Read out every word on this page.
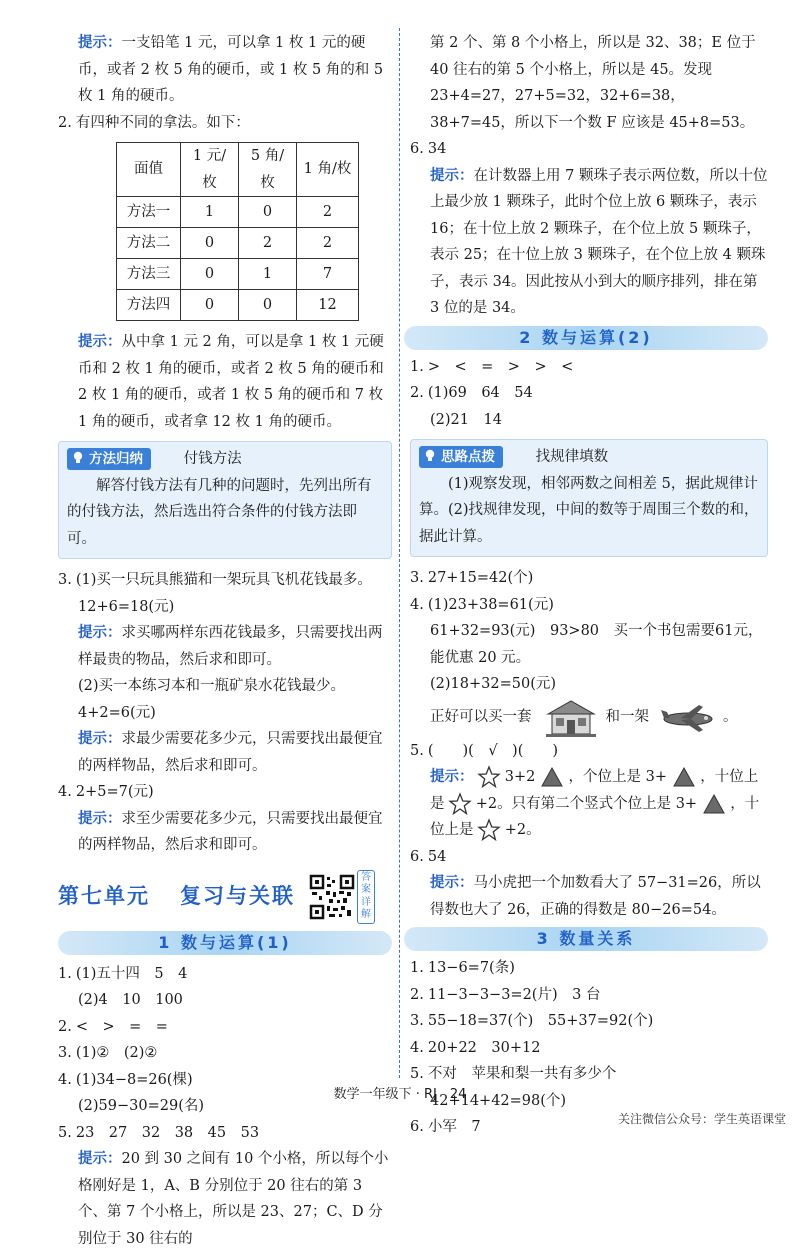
提示：一支铅笔 1 元，可以拿 1 枚 1 元的硬币，或者 2 枚 5 角的硬币，或 1 枚 5 角的和 5 枚 1 角的硬币。

2. 有四种不同的拿法。如下：

面值	1 元/枚	5 角/枚	1 角/枚
方法一	1	0	2
方法二	0	2	2
方法三	0	1	7
方法四	0	0	12

提示：从中拿 1 元 2 角，可以是拿 1 枚 1 元硬币和 2 枚 1 角的硬币，或者 2 枚 5 角的硬币和 2 枚 1 角的硬币，或者 1 枚 5 角的硬币和 7 枚 1 角的硬币，或者拿 12 枚 1 角的硬币。

方法归纳	付钱方法

解答付钱方法有几种的问题时，先列出所有的付钱方法，然后选出符合条件的付钱方法即可。

3. (1)买一只玩具熊猫和一架玩具飞机花钱最多。

12+6=18(元)

提示：求买哪两样东西花钱最多，只需要找出两样最贵的物品，然后求和即可。

(2)买一本练习本和一瓶矿泉水花钱最少。

4+2=6(元)

提示：求最少需要花多少元，只需要找出最便宜的两样物品，然后求和即可。

4. 2+5=7(元)

提示：求至少需要花多少元，只需要找出最便宜的两样物品，然后求和即可。

第七单元 复习与关联
答案详解
1 数与运算(1)

1. (1)五十四　5　4

(2)4　10　100

2. <　>　=　=

3. (1)②　(2)②

4. (1)34−8=26(棵)

(2)59−30=29(名)

5. 23　27　32　38　45　53

提示：20 到 30 之间有 10 个小格，所以每个小格刚好是 1，A、B 分别位于 20 往右的第 3 个、第 7 个小格上，所以是 23、27；C、D 分别位于 30 往右的

第 2 个、第 8 个小格上，所以是 32、38；E 位于 40 往右的第 5 个小格上，所以是 45。发现 23+4=27，27+5=32，32+6=38，38+7=45，所以下一个数 F 应该是 45+8=53。

6. 34

提示：在计数器上用 7 颗珠子表示两位数，所以十位上最少放 1 颗珠子，此时个位上放 6 颗珠子，表示 16；在十位上放 2 颗珠子，在个位上放 5 颗珠子，表示 25；在十位上放 3 颗珠子，在个位上放 4 颗珠子，表示 34。因此按从小到大的顺序排列，排在第 3 位的是 34。

2 数与运算(2)

1. >　<　=　>　>　<

2. (1)69　64　54

(2)21　14

思路点拨	找规律填数

(1)观察发现，相邻两数之间相差 5，据此规律计算。(2)找规律发现，中间的数等于周围三个数的和，据此计算。

3. 27+15=42(个)

4. (1)23+38=61(元)

61+32=93(元)　93>80　买一个书包需要61元，能优惠 20 元。

(2)18+32=50(元)

正好可以买一套	和一架	。

5. (　　)(　√　)(　　)

提示： 3+2 ，个位上是 3+ ，十位上是 +2。只有第二个竖式个位上是 3+ ，十位上是 +2。

6. 54

提示：马小虎把一个加数看大了 57−31=26，所以得数也大了 26，正确的得数是 80−26=54。

3 数量关系

1. 13−6=7(条)

2. 11−3−3−3=2(片)　3 台

3. 55−18=37(个)　55+37=92(个)

4. 20+22　30+12

5. 不对　苹果和梨一共有多少个

42+14+42=98(个)

6. 小军　7

数学一年级下 · RJ　24
关注微信公众号：学生英语课堂
